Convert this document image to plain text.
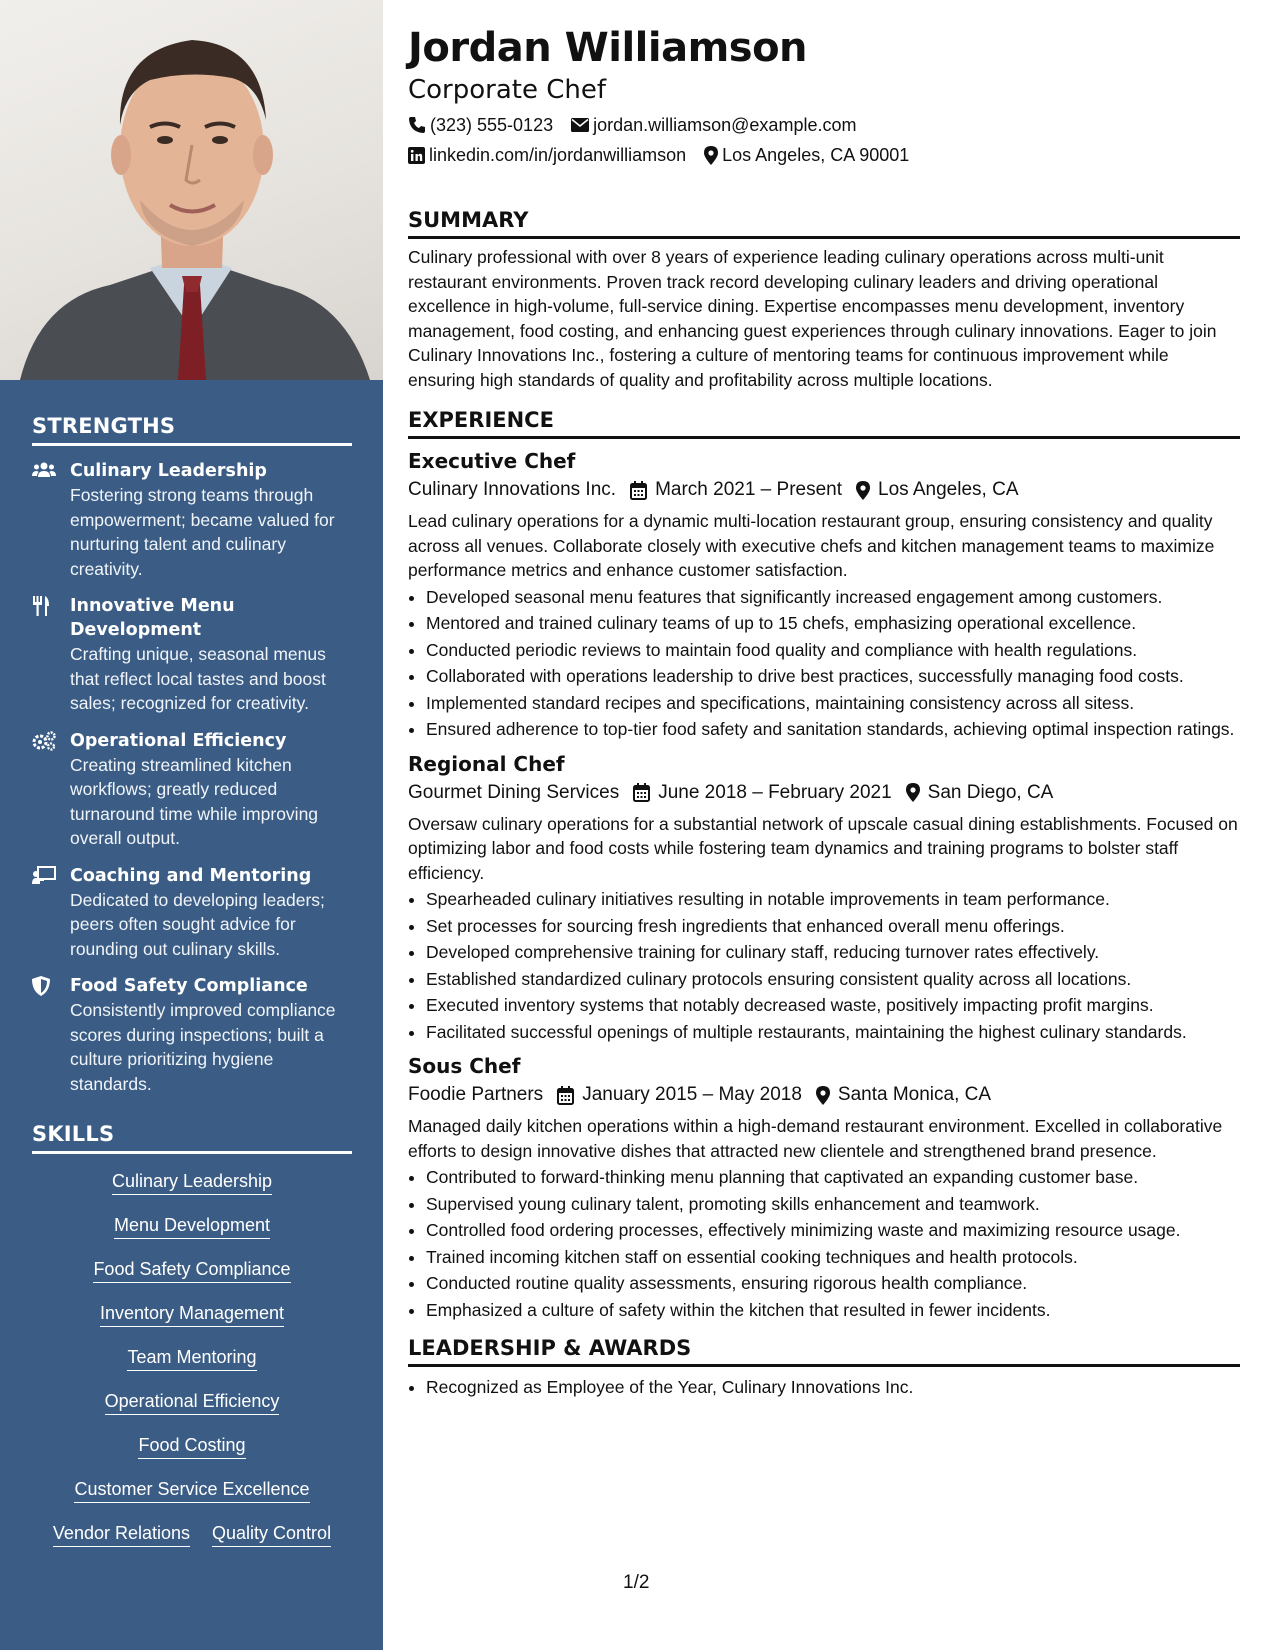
STRENGTHS
Culinary Leadership
Fostering strong teams through empowerment; became valued for nurturing talent and culinary creativity.
Innovative Menu Development
Crafting unique, seasonal menus that reflect local tastes and boost sales; recognized for creativity.
Operational Efficiency
Creating streamlined kitchen workflows; greatly reduced turnaround time while improving overall output.
Coaching and Mentoring
Dedicated to developing leaders; peers often sought advice for rounding out culinary skills.
Food Safety Compliance
Consistently improved compliance scores during inspections; built a culture prioritizing hygiene standards.
SKILLS
Culinary Leadership
Menu Development
Food Safety Compliance
Inventory Management
Team Mentoring
Operational Efficiency
Food Costing
Customer Service Excellence
Vendor Relations Quality Control
Jordan Williamson
Corporate Chef
(323) 555-0123 jordan.williamson@example.com
linkedin.com/in/jordanwilliamson Los Angeles, CA 90001
SUMMARY
Culinary professional with over 8 years of experience leading culinary operations across multi-unit restaurant environments. Proven track record developing culinary leaders and driving operational excellence in high-volume, full-service dining. Expertise encompasses menu development, inventory management, food costing, and enhancing guest experiences through culinary innovations. Eager to join Culinary Innovations Inc., fostering a culture of mentoring teams for continuous improvement while ensuring high standards of quality and profitability across multiple locations.
EXPERIENCE
Executive Chef
Culinary Innovations Inc. March 2021 – Present Los Angeles, CA
Lead culinary operations for a dynamic multi-location restaurant group, ensuring consistency and quality across all venues. Collaborate closely with executive chefs and kitchen management teams to maximize performance metrics and enhance customer satisfaction.
• Developed seasonal menu features that significantly increased engagement among customers.
• Mentored and trained culinary teams of up to 15 chefs, emphasizing operational excellence.
• Conducted periodic reviews to maintain food quality and compliance with health regulations.
• Collaborated with operations leadership to drive best practices, successfully managing food costs.
• Implemented standard recipes and specifications, maintaining consistency across all sitess.
• Ensured adherence to top-tier food safety and sanitation standards, achieving optimal inspection ratings.
Regional Chef
Gourmet Dining Services June 2018 – February 2021 San Diego, CA
Oversaw culinary operations for a substantial network of upscale casual dining establishments. Focused on optimizing labor and food costs while fostering team dynamics and training programs to bolster staff efficiency.
• Spearheaded culinary initiatives resulting in notable improvements in team performance.
• Set processes for sourcing fresh ingredients that enhanced overall menu offerings.
• Developed comprehensive training for culinary staff, reducing turnover rates effectively.
• Established standardized culinary protocols ensuring consistent quality across all locations.
• Executed inventory systems that notably decreased waste, positively impacting profit margins.
• Facilitated successful openings of multiple restaurants, maintaining the highest culinary standards.
Sous Chef
Foodie Partners January 2015 – May 2018 Santa Monica, CA
Managed daily kitchen operations within a high-demand restaurant environment. Excelled in collaborative efforts to design innovative dishes that attracted new clientele and strengthened brand presence.
• Contributed to forward-thinking menu planning that captivated an expanding customer base.
• Supervised young culinary talent, promoting skills enhancement and teamwork.
• Controlled food ordering processes, effectively minimizing waste and maximizing resource usage.
• Trained incoming kitchen staff on essential cooking techniques and health protocols.
• Conducted routine quality assessments, ensuring rigorous health compliance.
• Emphasized a culture of safety within the kitchen that resulted in fewer incidents.
LEADERSHIP & AWARDS
• Recognized as Employee of the Year, Culinary Innovations Inc.
1/2
